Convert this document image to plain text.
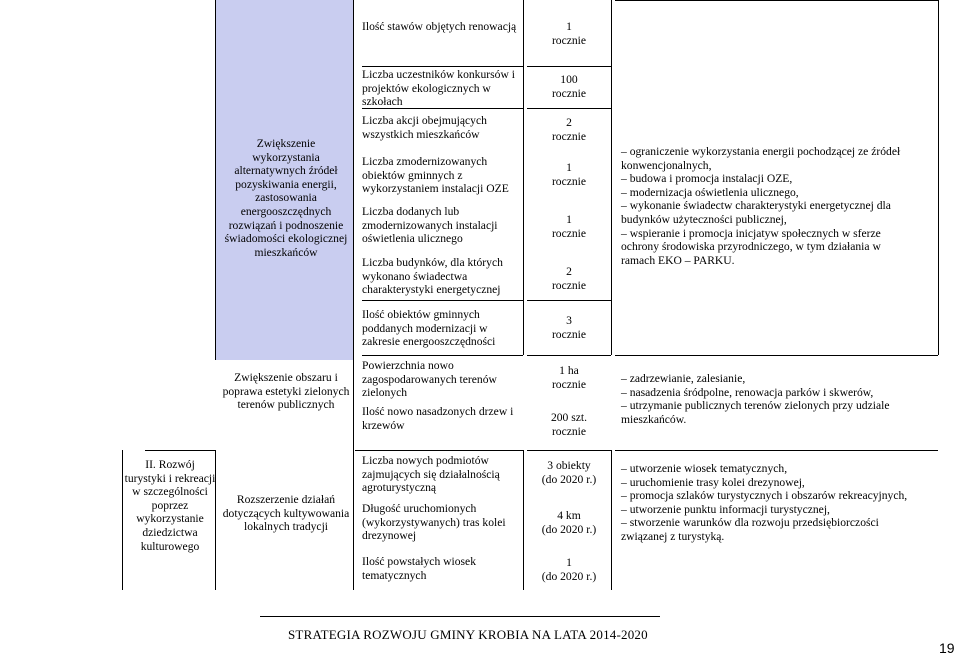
II. Rozwój turystyki i rekreacji w szczególności poprzez wykorzystanie dziedzictwa kulturowego
Zwiększenie wykorzystania alternatywnych źródeł pozyskiwania energii, zastosowania energooszczędnych rozwiązań i podnoszenie świadomości ekologicznej mieszkańców
Zwiększenie obszaru i poprawa estetyki zielonych terenów publicznych
Rozszerzenie działań dotyczących kultywowania lokalnych tradycji
Ilość stawów objętych renowacją
Liczba uczestników konkursów i projektów ekologicznych w szkołach
Liczba akcji obejmujących wszystkich mieszkańców
Liczba zmodernizowanych obiektów gminnych z wykorzystaniem instalacji OZE
Liczba dodanych lub zmodernizowanych instalacji oświetlenia ulicznego
Liczba budynków, dla których wykonano świadectwa charakterystyki energetycznej
Ilość obiektów gminnych poddanych modernizacji w zakresie energooszczędności
Powierzchnia nowo zagospodarowanych terenów zielonych
Ilość nowo nasadzonych drzew i krzewów
Liczba nowych podmiotów zajmujących się działalnością agroturystyczną
Długość uruchomionych (wykorzystywanych) tras kolei drezynowej
Ilość powstałych wiosek tematycznych
1
rocznie
100
rocznie
2
rocznie
1
rocznie
1
rocznie
2
rocznie
3
rocznie
1 ha
rocznie
200 szt.
rocznie
3 obiekty
(do 2020 r.)
4 km
(do 2020 r.)
1
(do 2020 r.)
– ograniczenie wykorzystania energii pochodzącej ze źródeł
konwencjonalnych,
– budowa i promocja instalacji OZE,
– modernizacja oświetlenia ulicznego,
– wykonanie świadectw charakterystyki energetycznej dla
budynków użyteczności publicznej,
– wspieranie i promocja inicjatyw społecznych w sferze
ochrony środowiska przyrodniczego, w tym działania w
ramach EKO – PARKU.
– zadrzewianie, zalesianie,
– nasadzenia śródpolne, renowacja parków i skwerów,
– utrzymanie publicznych terenów zielonych przy udziale
mieszkańców.
– utworzenie wiosek tematycznych,
– uruchomienie trasy kolei drezynowej,
– promocja szlaków turystycznych i obszarów rekreacyjnych,
– utworzenie punktu informacji turystycznej,
– stworzenie warunków dla rozwoju przedsiębiorczości
związanej z turystyką.
STRATEGIA ROZWOJU GMINY KROBIA NA LATA 2014-2020
19
